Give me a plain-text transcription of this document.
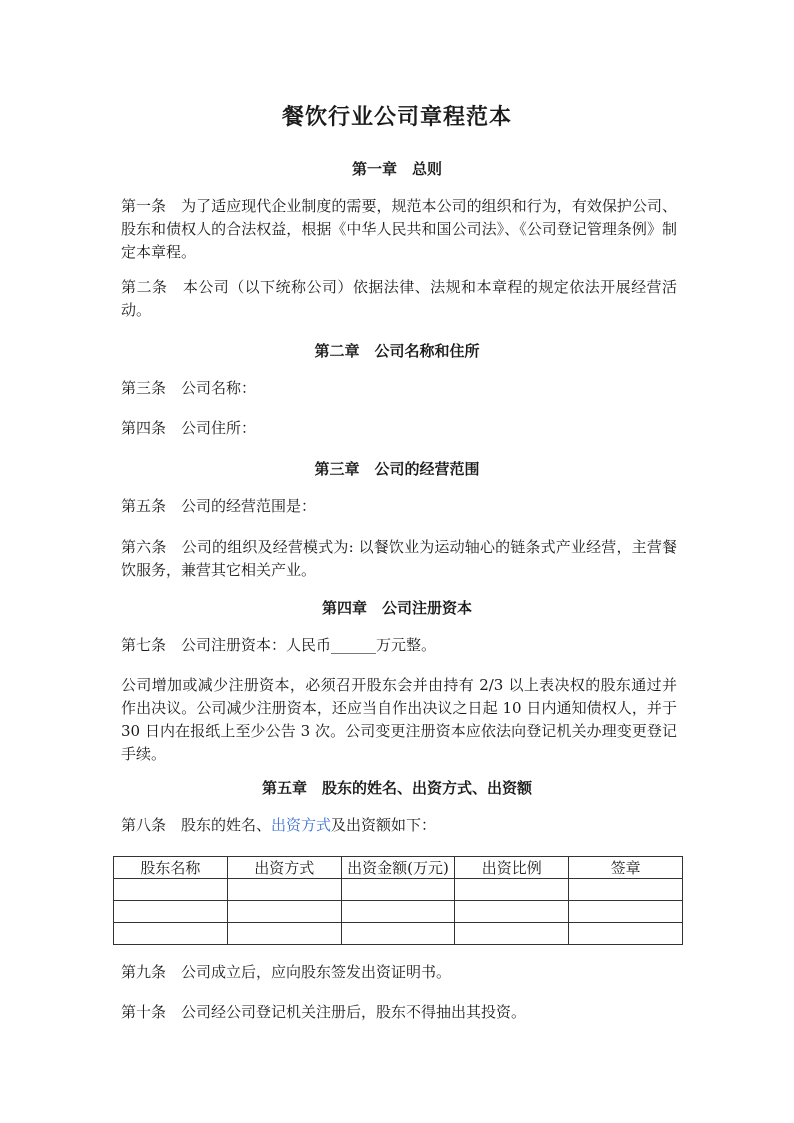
餐饮行业公司章程范本
第一章　总则
第一条　为了适应现代企业制度的需要，规范本公司的组织和行为，有效保护公司、股东和债权人的合法权益，根据《中华人民共和国公司法》、《公司登记管理条例》制定本章程。
第二条　本公司（以下统称公司）依据法律、法规和本章程的规定依法开展经营活动。
第二章　公司名称和住所
第三条　公司名称：
第四条　公司住所：
第三章　公司的经营范围
第五条　公司的经营范围是：
第六条　公司的组织及经营模式为: 以餐饮业为运动轴心的链条式产业经营，主营餐饮服务，兼营其它相关产业。
第四章　公司注册资本
第七条　公司注册资本：人民币______万元整。
公司增加或减少注册资本，必须召开股东会并由持有 2/3 以上表决权的股东通过并作出决议。公司减少注册资本，还应当自作出决议之日起 10 日内通知债权人，并于 30 日内在报纸上至少公告 3 次。公司变更注册资本应依法向登记机关办理变更登记手续。
第五章　股东的姓名、出资方式、出资额
第八条　股东的姓名、出资方式及出资额如下：
股东名称	出资方式	出资金额(万元)	出资比例	签章

第九条　公司成立后，应向股东签发出资证明书。
第十条　公司经公司登记机关注册后，股东不得抽出其投资。
